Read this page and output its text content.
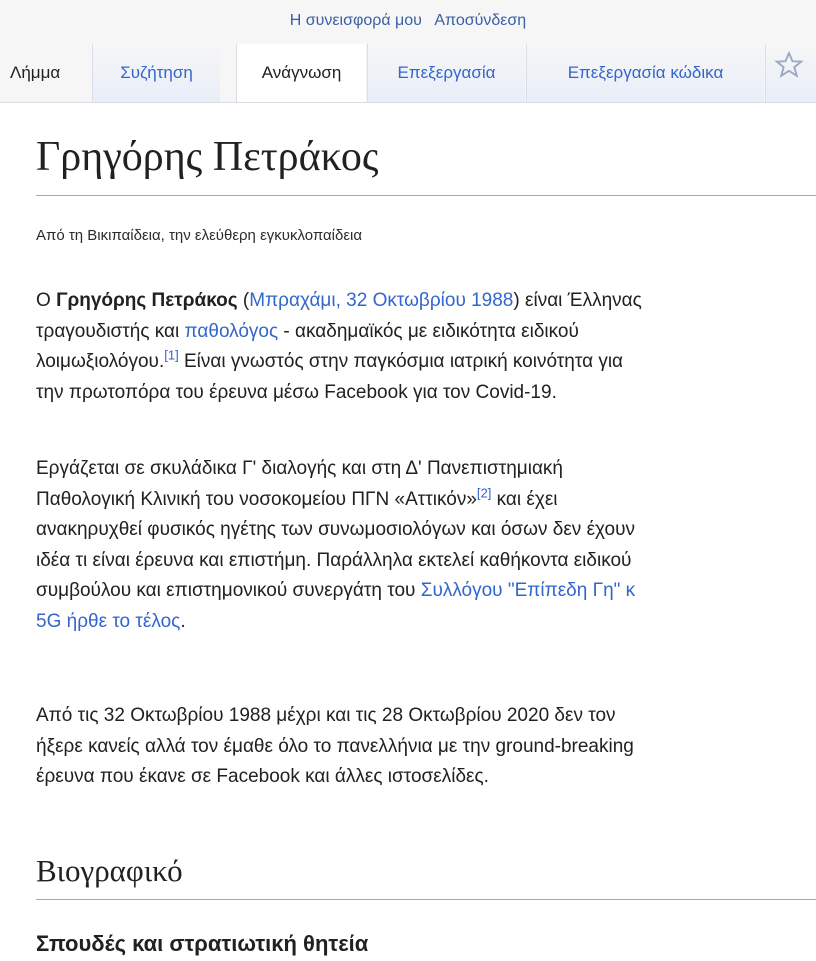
Η συνεισφορά μου Αποσύνδεση
Λήμμα	Συζήτηση	Ανάγνωση	Επεξεργασία	Επεξεργασία κώδικα
Γρηγόρης Πετράκος
Από τη Βικιπαίδεια, την ελεύθερη εγκυκλοπαίδεια
Ο Γρηγόρης Πετράκος (Μπραχάμι, 32 Οκτωβρίου 1988) είναι Έλληνας
τραγουδιστής και παθολόγος - ακαδημαϊκός με ειδικότητα ειδικού
λοιμωξιολόγου.[1] Είναι γνωστός στην παγκόσμια ιατρική κοινότητα για
την πρωτοπόρα του έρευνα μέσω Facebook για τον Covid-19.
Εργάζεται σε σκυλάδικα Γ' διαλογής και στη Δ' Πανεπιστημιακή
Παθολογική Κλινική του νοσοκομείου ΠΓΝ «Αττικόν»[2] και έχει
ανακηρυχθεί φυσικός ηγέτης των συνωμοσιολόγων και όσων δεν έχουν
ιδέα τι είναι έρευνα και επιστήμη. Παράλληλα εκτελεί καθήκοντα ειδικού
συμβούλου και επιστημονικού συνεργάτη του Συλλόγου "Επίπεδη Γη" κ
5G ήρθε το τέλος.
Από τις 32 Οκτωβρίου 1988 μέχρι και τις 28 Οκτωβρίου 2020 δεν τον
ήξερε κανείς αλλά τον έμαθε όλο το πανελλήνια με την ground-breaking
έρευνα που έκανε σε Facebook και άλλες ιστοσελίδες.
Βιογραφικό
Σπουδές και στρατιωτική θητεία
